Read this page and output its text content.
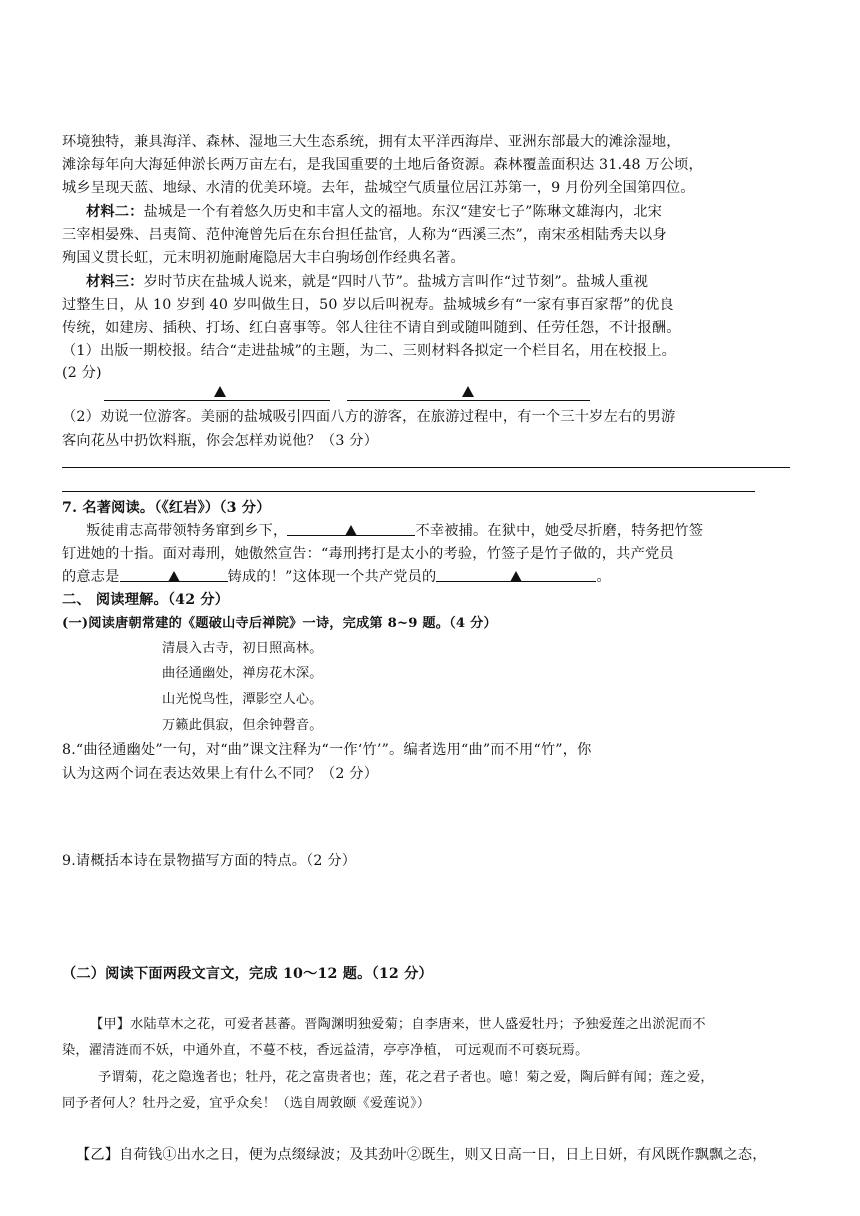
环境独特，兼具海洋、森林、湿地三大生态系统，拥有太平洋西海岸、亚洲东部最大的滩涂湿地，
滩涂每年向大海延伸淤长两万亩左右，是我国重要的土地后备资源。森林覆盖面积达 31.48 万公顷，
城乡呈现天蓝、地绿、水清的优美环境。去年，盐城空气质量位居江苏第一，9 月份列全国第四位。
材料二：盐城是一个有着悠久历史和丰富人文的福地。东汉“建安七子”陈琳文雄海内，北宋
三宰相晏殊、吕夷简、范仲淹曾先后在东台担任盐官，人称为“西溪三杰”，南宋丞相陆秀夫以身
殉国义贯长虹，元末明初施耐庵隐居大丰白驹场创作经典名著。
材料三：岁时节庆在盐城人说来，就是“四时八节”。盐城方言叫作“过节刻”。盐城人重视
过整生日，从 10 岁到 40 岁叫做生日，50 岁以后叫祝寿。盐城城乡有“一家有事百家帮”的优良
传统，如建房、插秧、打场、红白喜事等。邻人往往不请自到或随叫随到、任劳任怨，不计报酬。
（1）出版一期校报。结合“走进盐城”的主题，为二、三则材料各拟定一个栏目名，用在校报上。
(2 分)
（2）劝说一位游客。美丽的盐城吸引四面八方的游客，在旅游过程中，有一个三十岁左右的男游
客向花丛中扔饮料瓶，你会怎样劝说他？（3 分）
7. 名著阅读。（《红岩》）（3 分）
叛徒甫志高带领特务窜到乡下，	不幸被捕。在狱中，她受尽折磨，特务把竹签
钉进她的十指。面对毒刑，她傲然宣告：“毒刑拷打是太小的考验，竹签子是竹子做的，共产党员
的意志是	铸成的！”这体现一个共产党员的	。
二、 阅读理解。（42 分）
(一)阅读唐朝常建的《题破山寺后禅院》一诗，完成第 8~9 题。（4 分）
清晨入古寺，初日照高林。
曲径通幽处，禅房花木深。
山光悦鸟性，潭影空人心。
万籁此俱寂，但余钟磬音。
8.“曲径通幽处”一句，对“曲”课文注释为“一作‘竹’”。编者选用“曲”而不用“竹”，你
认为这两个词在表达效果上有什么不同？（2 分）
9.请概括本诗在景物描写方面的特点。（2 分）
（二）阅读下面两段文言文，完成 10～12 题。（12 分）
【甲】水陆草木之花，可爱者甚蕃。晋陶渊明独爱菊；自李唐来，世人盛爱牡丹；予独爱莲之出淤泥而不
染，濯清涟而不妖，中通外直，不蔓不枝，香远益清，亭亭净植， 可远观而不可亵玩焉。
予谓菊，花之隐逸者也；牡丹，花之富贵者也；莲，花之君子者也。噫！菊之爱，陶后鲜有闻；莲之爱，
同予者何人？牡丹之爱，宜乎众矣！（选自周敦颐《爱莲说》）
【乙】自荷钱①出水之日，便为点缀绿波；及其劲叶②既生，则又日高一日，日上日妍，有风既作飘飘之态，
